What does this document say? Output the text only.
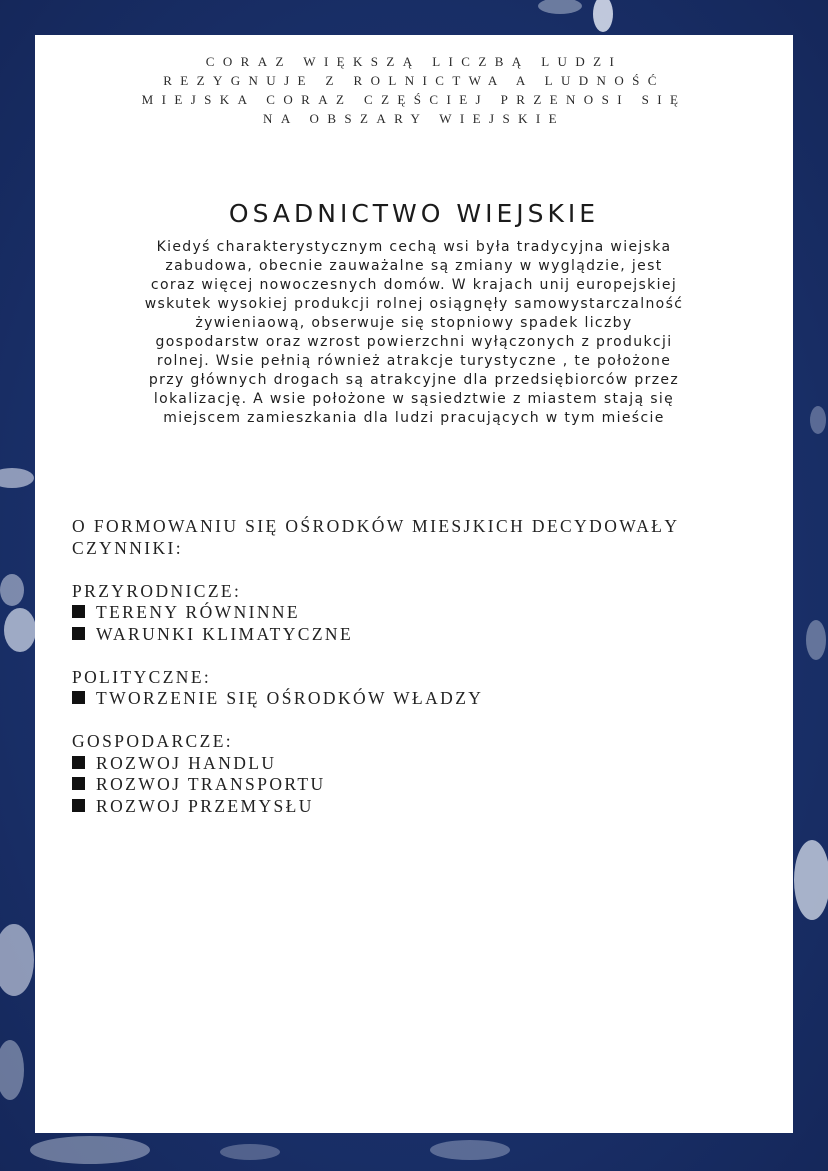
CORAZ WIĘKSZĄ LICZBĄ LUDZI
REZYGNUJE Z ROLNICTWA A LUDNOŚĆ
MIEJSKA CORAZ CZĘŚCIEJ PRZENOSI SIĘ
NA OBSZARY WIEJSKIE
OSADNICTWO WIEJSKIE
Kiedyś charakterystycznym cechą wsi była tradycyjna wiejska
zabudowa, obecnie zauważalne są zmiany w wyglądzie, jest
coraz więcej nowoczesnych domów. W krajach unij europejskiej
wskutek wysokiej produkcji rolnej osiągnęły samowystarczalność
żywieniaową, obserwuje się stopniowy spadek liczby
gospodarstw oraz wzrost powierzchni wyłączonych z produkcji
rolnej. Wsie pełnią również atrakcje turystyczne , te położone
przy głównych drogach są atrakcyjne dla przedsiębiorców przez
lokalizację. A wsie położone w sąsiedztwie z miastem stają się
miejscem zamieszkania dla ludzi pracujących w tym mieście
O FORMOWANIU SIĘ OŚRODKÓW MIESJKICH DECYDOWAŁY
CZYNNIKI:
PRZYRODNICZE:
TERENY RÓWNINNE
WARUNKI KLIMATYCZNE
POLITYCZNE:
TWORZENIE SIĘ OŚRODKÓW WŁADZY
GOSPODARCZE:
ROZWOJ HANDLU
ROZWOJ TRANSPORTU
ROZWOJ PRZEMYSŁU
